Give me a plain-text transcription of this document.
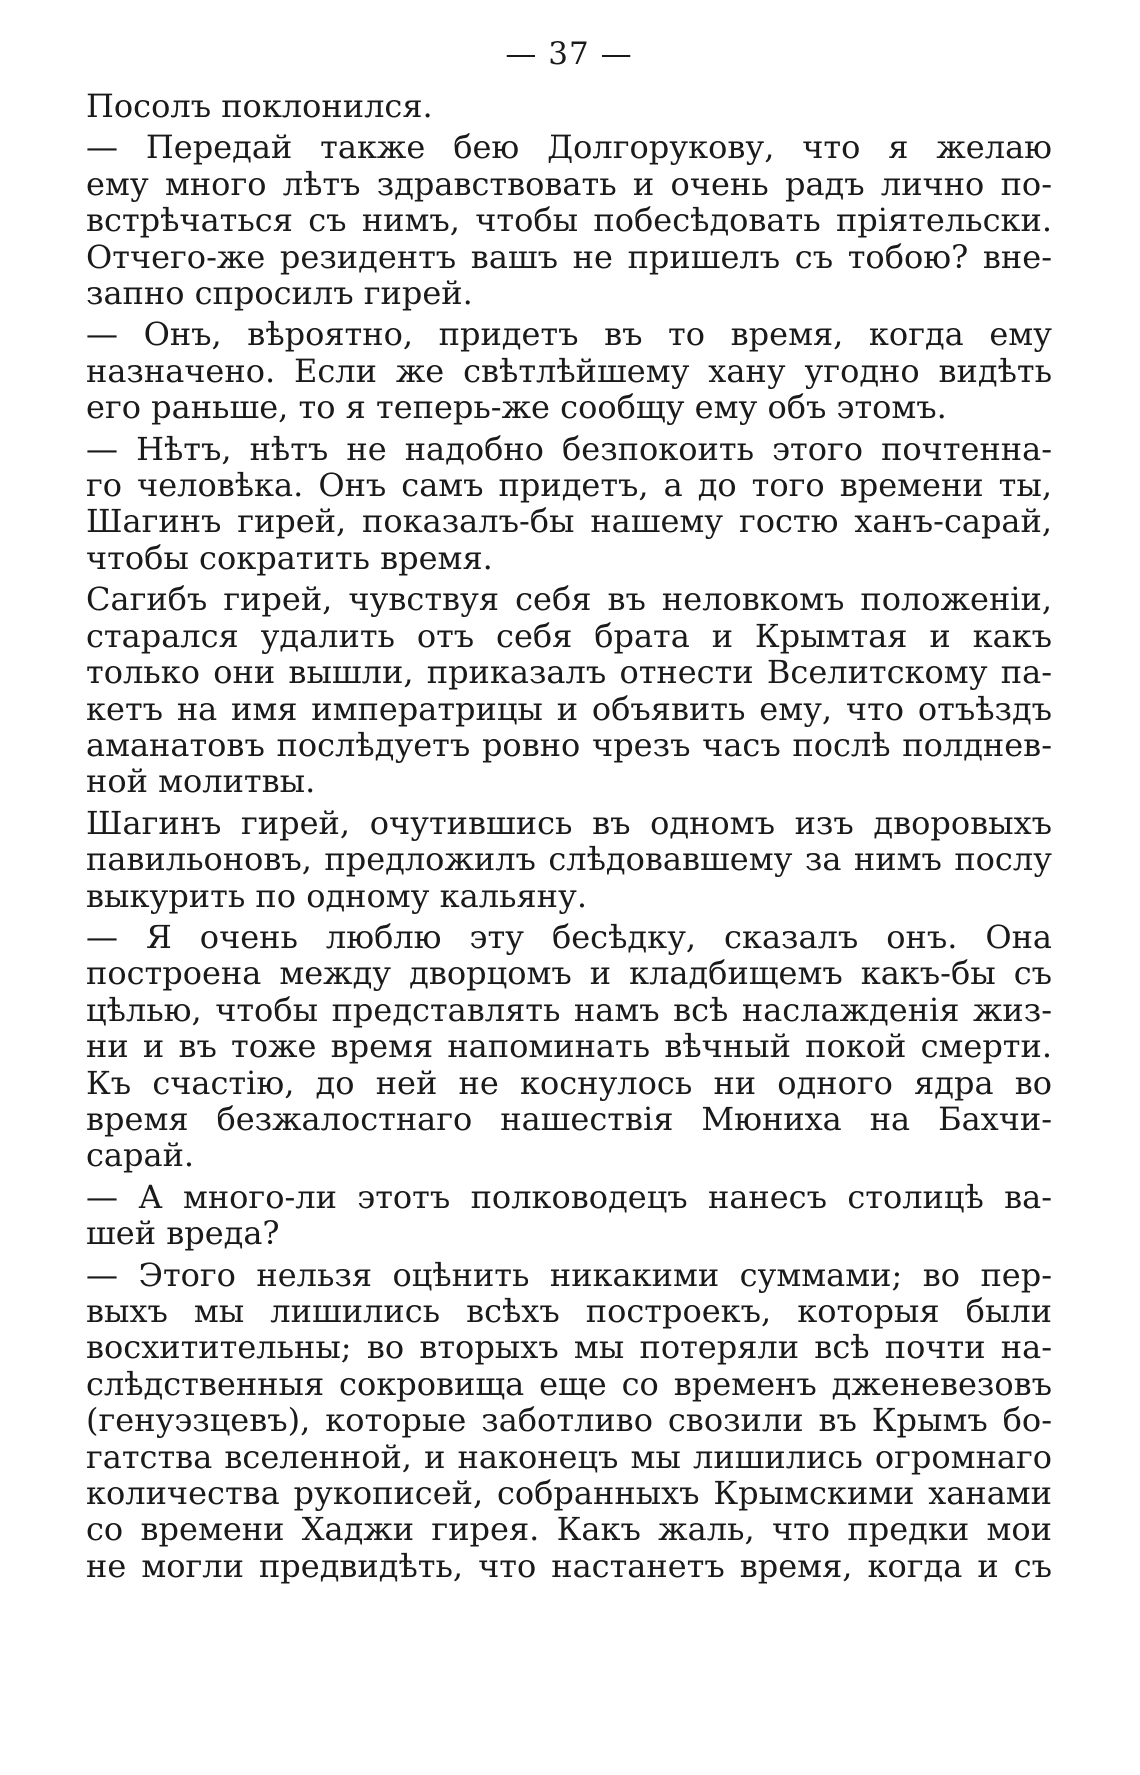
— 37 —
Посолъ поклонился.
— Передай также бею Долгорукову, что я желаю
ему много лѣтъ здравствовать и очень радъ лично по-
встрѣчаться съ нимъ, чтобы побесѣдовать пріятельски.
Отчего-же резидентъ вашъ не пришелъ съ тобою? вне-
запно спросилъ гирей.
— Онъ, вѣроятно, придетъ въ то время, когда ему
назначено. Если же свѣтлѣйшему хану угодно видѣть
его раньше, то я теперь-же сообщу ему объ этомъ.
— Нѣтъ, нѣтъ не надобно безпокоить этого почтенна-
го человѣка. Онъ самъ придетъ, а до того времени ты,
Шагинъ гирей, показалъ-бы нашему гостю ханъ-сарай,
чтобы сократить время.
Сагибъ гирей, чувствуя себя въ неловкомъ положеніи,
старался удалить отъ себя брата и Крымтая и какъ
только они вышли, приказалъ отнести Вселитскому па-
кетъ на имя императрицы и объявить ему, что отъѣздъ
аманатовъ послѣдуетъ ровно чрезъ часъ послѣ полднев-
ной молитвы.
Шагинъ гирей, очутившись въ одномъ изъ дворовыхъ
павильоновъ, предложилъ слѣдовавшему за нимъ послу
выкурить по одному кальяну.
— Я очень люблю эту бесѣдку, сказалъ онъ. Она
построена между дворцомъ и кладбищемъ какъ-бы съ
цѣлью, чтобы представлять намъ всѣ наслажденія жиз-
ни и въ тоже время напоминать вѣчный покой смерти.
Къ счастію, до ней не коснулось ни одного ядра во
время безжалостнаго нашествія Мюниха на Бахчи-
сарай.
— А много-ли этотъ полководецъ нанесъ столицѣ ва-
шей вреда?
— Этого нельзя оцѣнить никакими суммами; во пер-
выхъ мы лишились всѣхъ построекъ, которыя были
восхитительны; во вторыхъ мы потеряли всѣ почти на-
слѣдственныя сокровища еще со временъ дженевезовъ
(генуэзцевъ), которые заботливо свозили въ Крымъ бо-
гатства вселенной, и наконецъ мы лишились огромнаго
количества рукописей, собранныхъ Крымскими ханами
со времени Хаджи гирея. Какъ жаль, что предки мои
не могли предвидѣть, что настанетъ время, когда и съ
